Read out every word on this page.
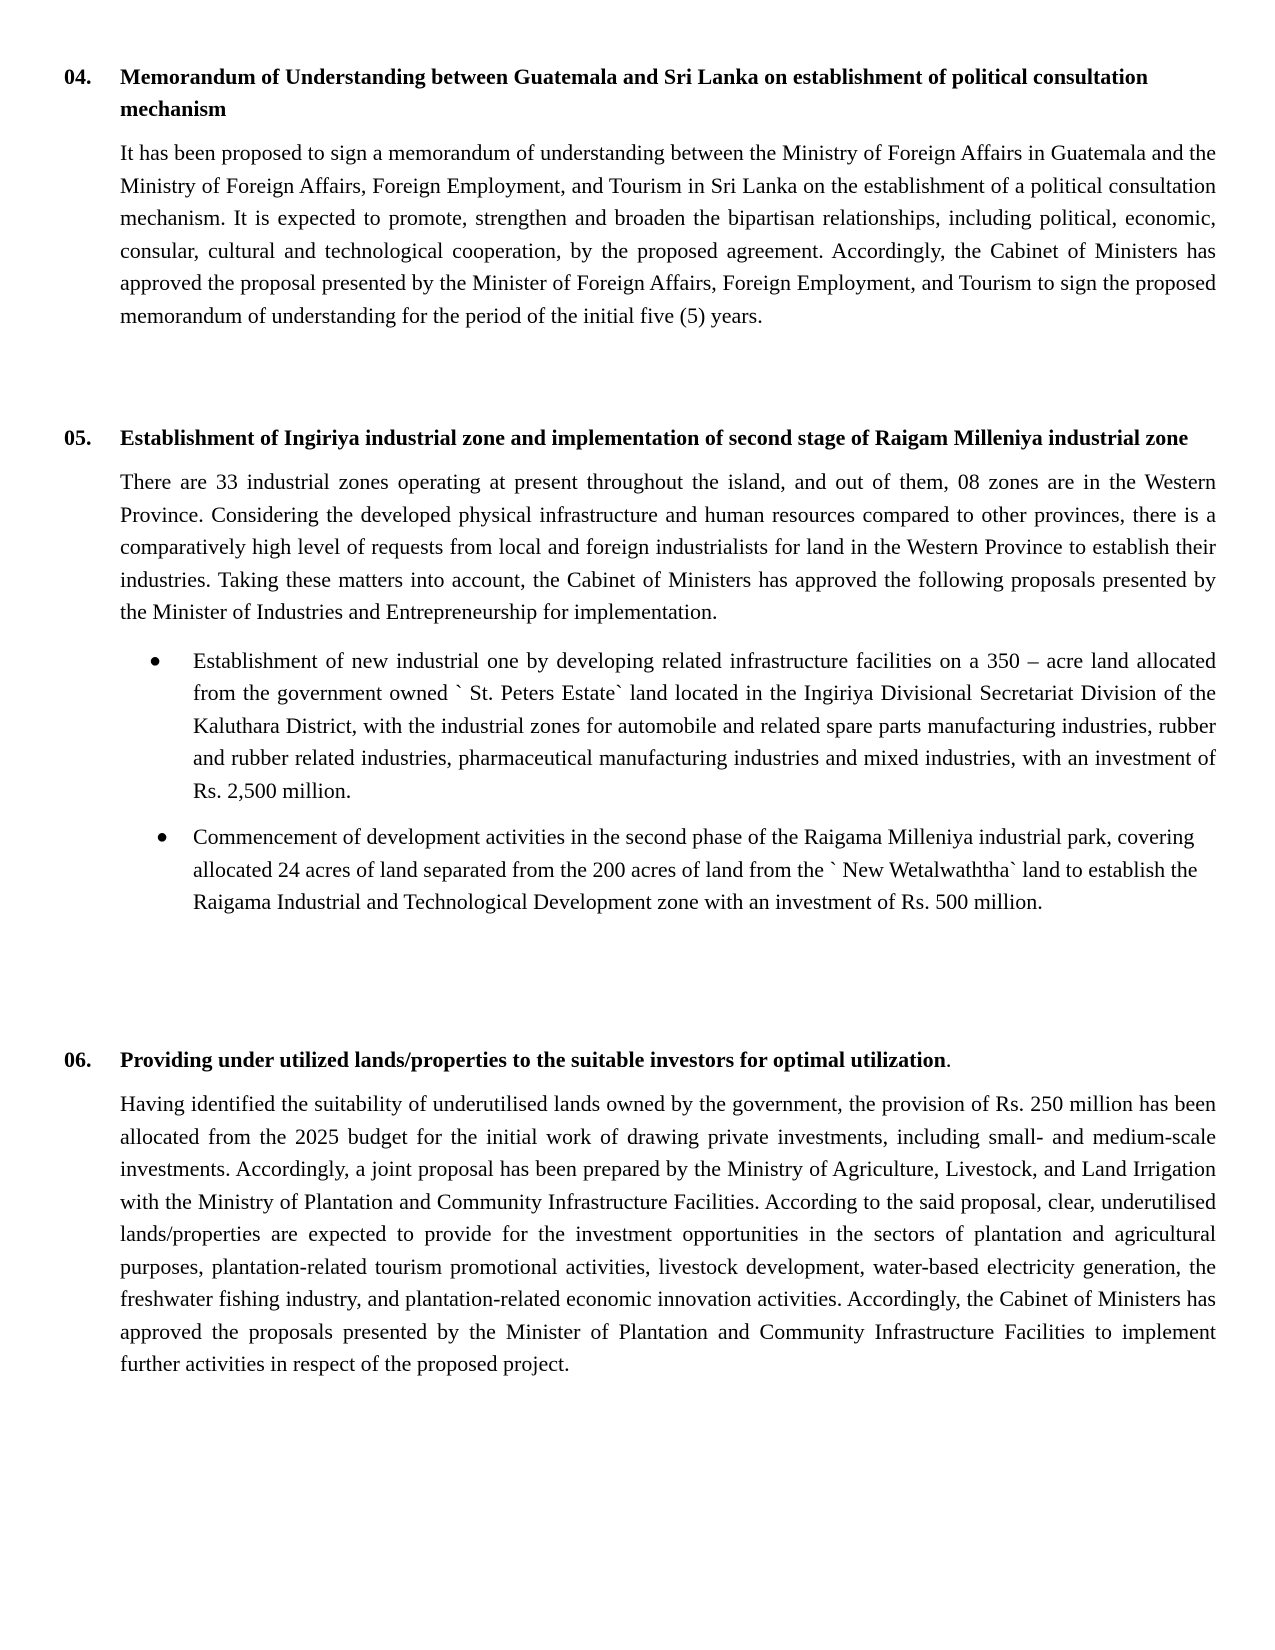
04. Memorandum of Understanding between Guatemala and Sri Lanka on establishment of political consultation mechanism
It has been proposed to sign a memorandum of understanding between the Ministry of Foreign Affairs in Guatemala and the Ministry of Foreign Affairs, Foreign Employment, and Tourism in Sri Lanka on the establishment of a political consultation mechanism. It is expected to promote, strengthen and broaden the bipartisan relationships, including political, economic, consular, cultural and technological cooperation, by the proposed agreement. Accordingly, the Cabinet of Ministers has approved the proposal presented by the Minister of Foreign Affairs, Foreign Employment, and Tourism to sign the proposed memorandum of understanding for the period of the initial five (5) years.
05. Establishment of Ingiriya industrial zone and implementation of second stage of Raigam Milleniya industrial zone
There are 33 industrial zones operating at present throughout the island, and out of them, 08 zones are in the Western Province. Considering the developed physical infrastructure and human resources compared to other provinces, there is a comparatively high level of requests from local and foreign industrialists for land in the Western Province to establish their industries. Taking these matters into account, the Cabinet of Ministers has approved the following proposals presented by the Minister of Industries and Entrepreneurship for implementation.
● Establishment of new industrial one by developing related infrastructure facilities on a 350 – acre land allocated from the government owned ` St. Peters Estate` land located in the Ingiriya Divisional Secretariat Division of the Kaluthara District, with the industrial zones for automobile and related spare parts manufacturing industries, rubber and rubber related industries, pharmaceutical manufacturing industries and mixed industries, with an investment of Rs. 2,500 million.
● Commencement of development activities in the second phase of the Raigama Milleniya industrial park, covering allocated 24 acres of land separated from the 200 acres of land from the ` New Wetalwaththa` land to establish the Raigama Industrial and Technological Development zone with an investment of Rs. 500 million.
06. Providing under utilized lands/properties to the suitable investors for optimal utilization.
Having identified the suitability of underutilised lands owned by the government, the provision of Rs. 250 million has been allocated from the 2025 budget for the initial work of drawing private investments, including small- and medium-scale investments. Accordingly, a joint proposal has been prepared by the Ministry of Agriculture, Livestock, and Land Irrigation with the Ministry of Plantation and Community Infrastructure Facilities. According to the said proposal, clear, underutilised lands/properties are expected to provide for the investment opportunities in the sectors of plantation and agricultural purposes, plantation-related tourism promotional activities, livestock development, water-based electricity generation, the freshwater fishing industry, and plantation-related economic innovation activities. Accordingly, the Cabinet of Ministers has approved the proposals presented by the Minister of Plantation and Community Infrastructure Facilities to implement further activities in respect of the proposed project.
